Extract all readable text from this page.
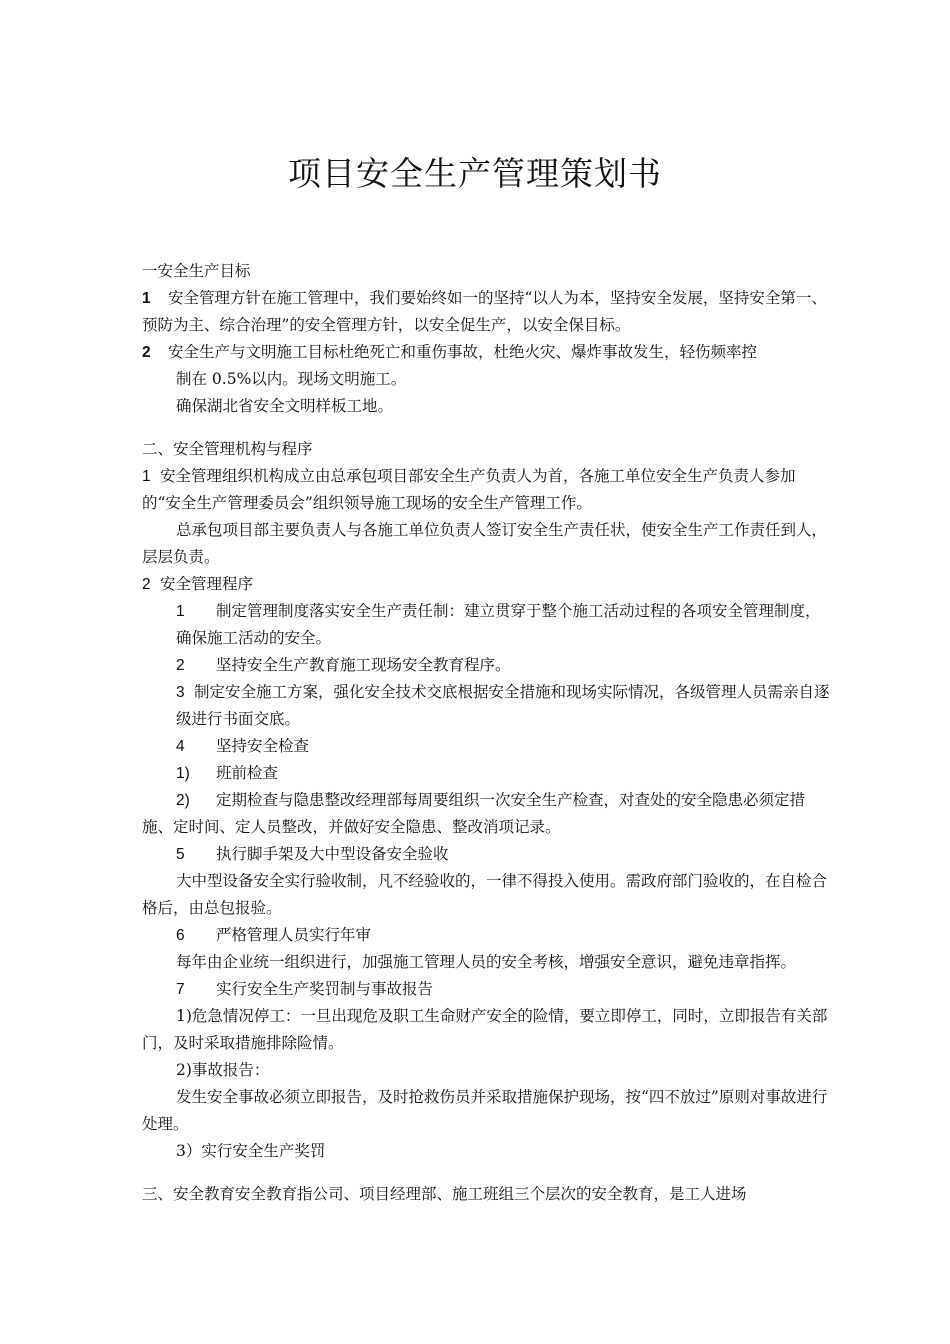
项目安全生产管理策划书

一安全生产目标

1 安全管理方针在施工管理中，我们要始终如一的坚持“以人为本，坚持安全发展，坚持安全第一、预防为主、综合治理”的安全管理方针，以安全促生产，以安全保目标。

2 安全生产与文明施工目标杜绝死亡和重伤事故，杜绝火灾、爆炸事故发生，轻伤频率控

制在 0.5%以内。现场文明施工。

确保湖北省安全文明样板工地。

二、安全管理机构与程序

1 安全管理组织机构成立由总承包项目部安全生产负责人为首，各施工单位安全生产负责人参加的“安全生产管理委员会”组织领导施工现场的安全生产管理工作。

总承包项目部主要负责人与各施工单位负责人签订安全生产责任状，使安全生产工作责任到人，层层负责。

2 安全管理程序

1 制定管理制度落实安全生产责任制：建立贯穿于整个施工活动过程的各项安全管理制度，确保施工活动的安全。

2 坚持安全生产教育施工现场安全教育程序。

3 制定安全施工方案，强化安全技术交底根据安全措施和现场实际情况，各级管理人员需亲自逐级进行书面交底。

4 坚持安全检查

1) 班前检查

2) 定期检查与隐患整改经理部每周要组织一次安全生产检查，对查处的安全隐患必须定措施、定时间、定人员整改，并做好安全隐患、整改消项记录。

5 执行脚手架及大中型设备安全验收

大中型设备安全实行验收制，凡不经验收的，一律不得投入使用。需政府部门验收的，在自检合格后，由总包报验。

6 严格管理人员实行年审

每年由企业统一组织进行，加强施工管理人员的安全考核，增强安全意识，避免违章指挥。

7 实行安全生产奖罚制与事故报告

1)危急情况停工：一旦出现危及职工生命财产安全的险情，要立即停工，同时，立即报告有关部门，及时采取措施排除险情。

2)事故报告：

发生安全事故必须立即报告，及时抢救伤员并采取措施保护现场，按“四不放过”原则对事故进行处理。

3）实行安全生产奖罚

三、安全教育安全教育指公司、项目经理部、施工班组三个层次的安全教育，是工人进场
